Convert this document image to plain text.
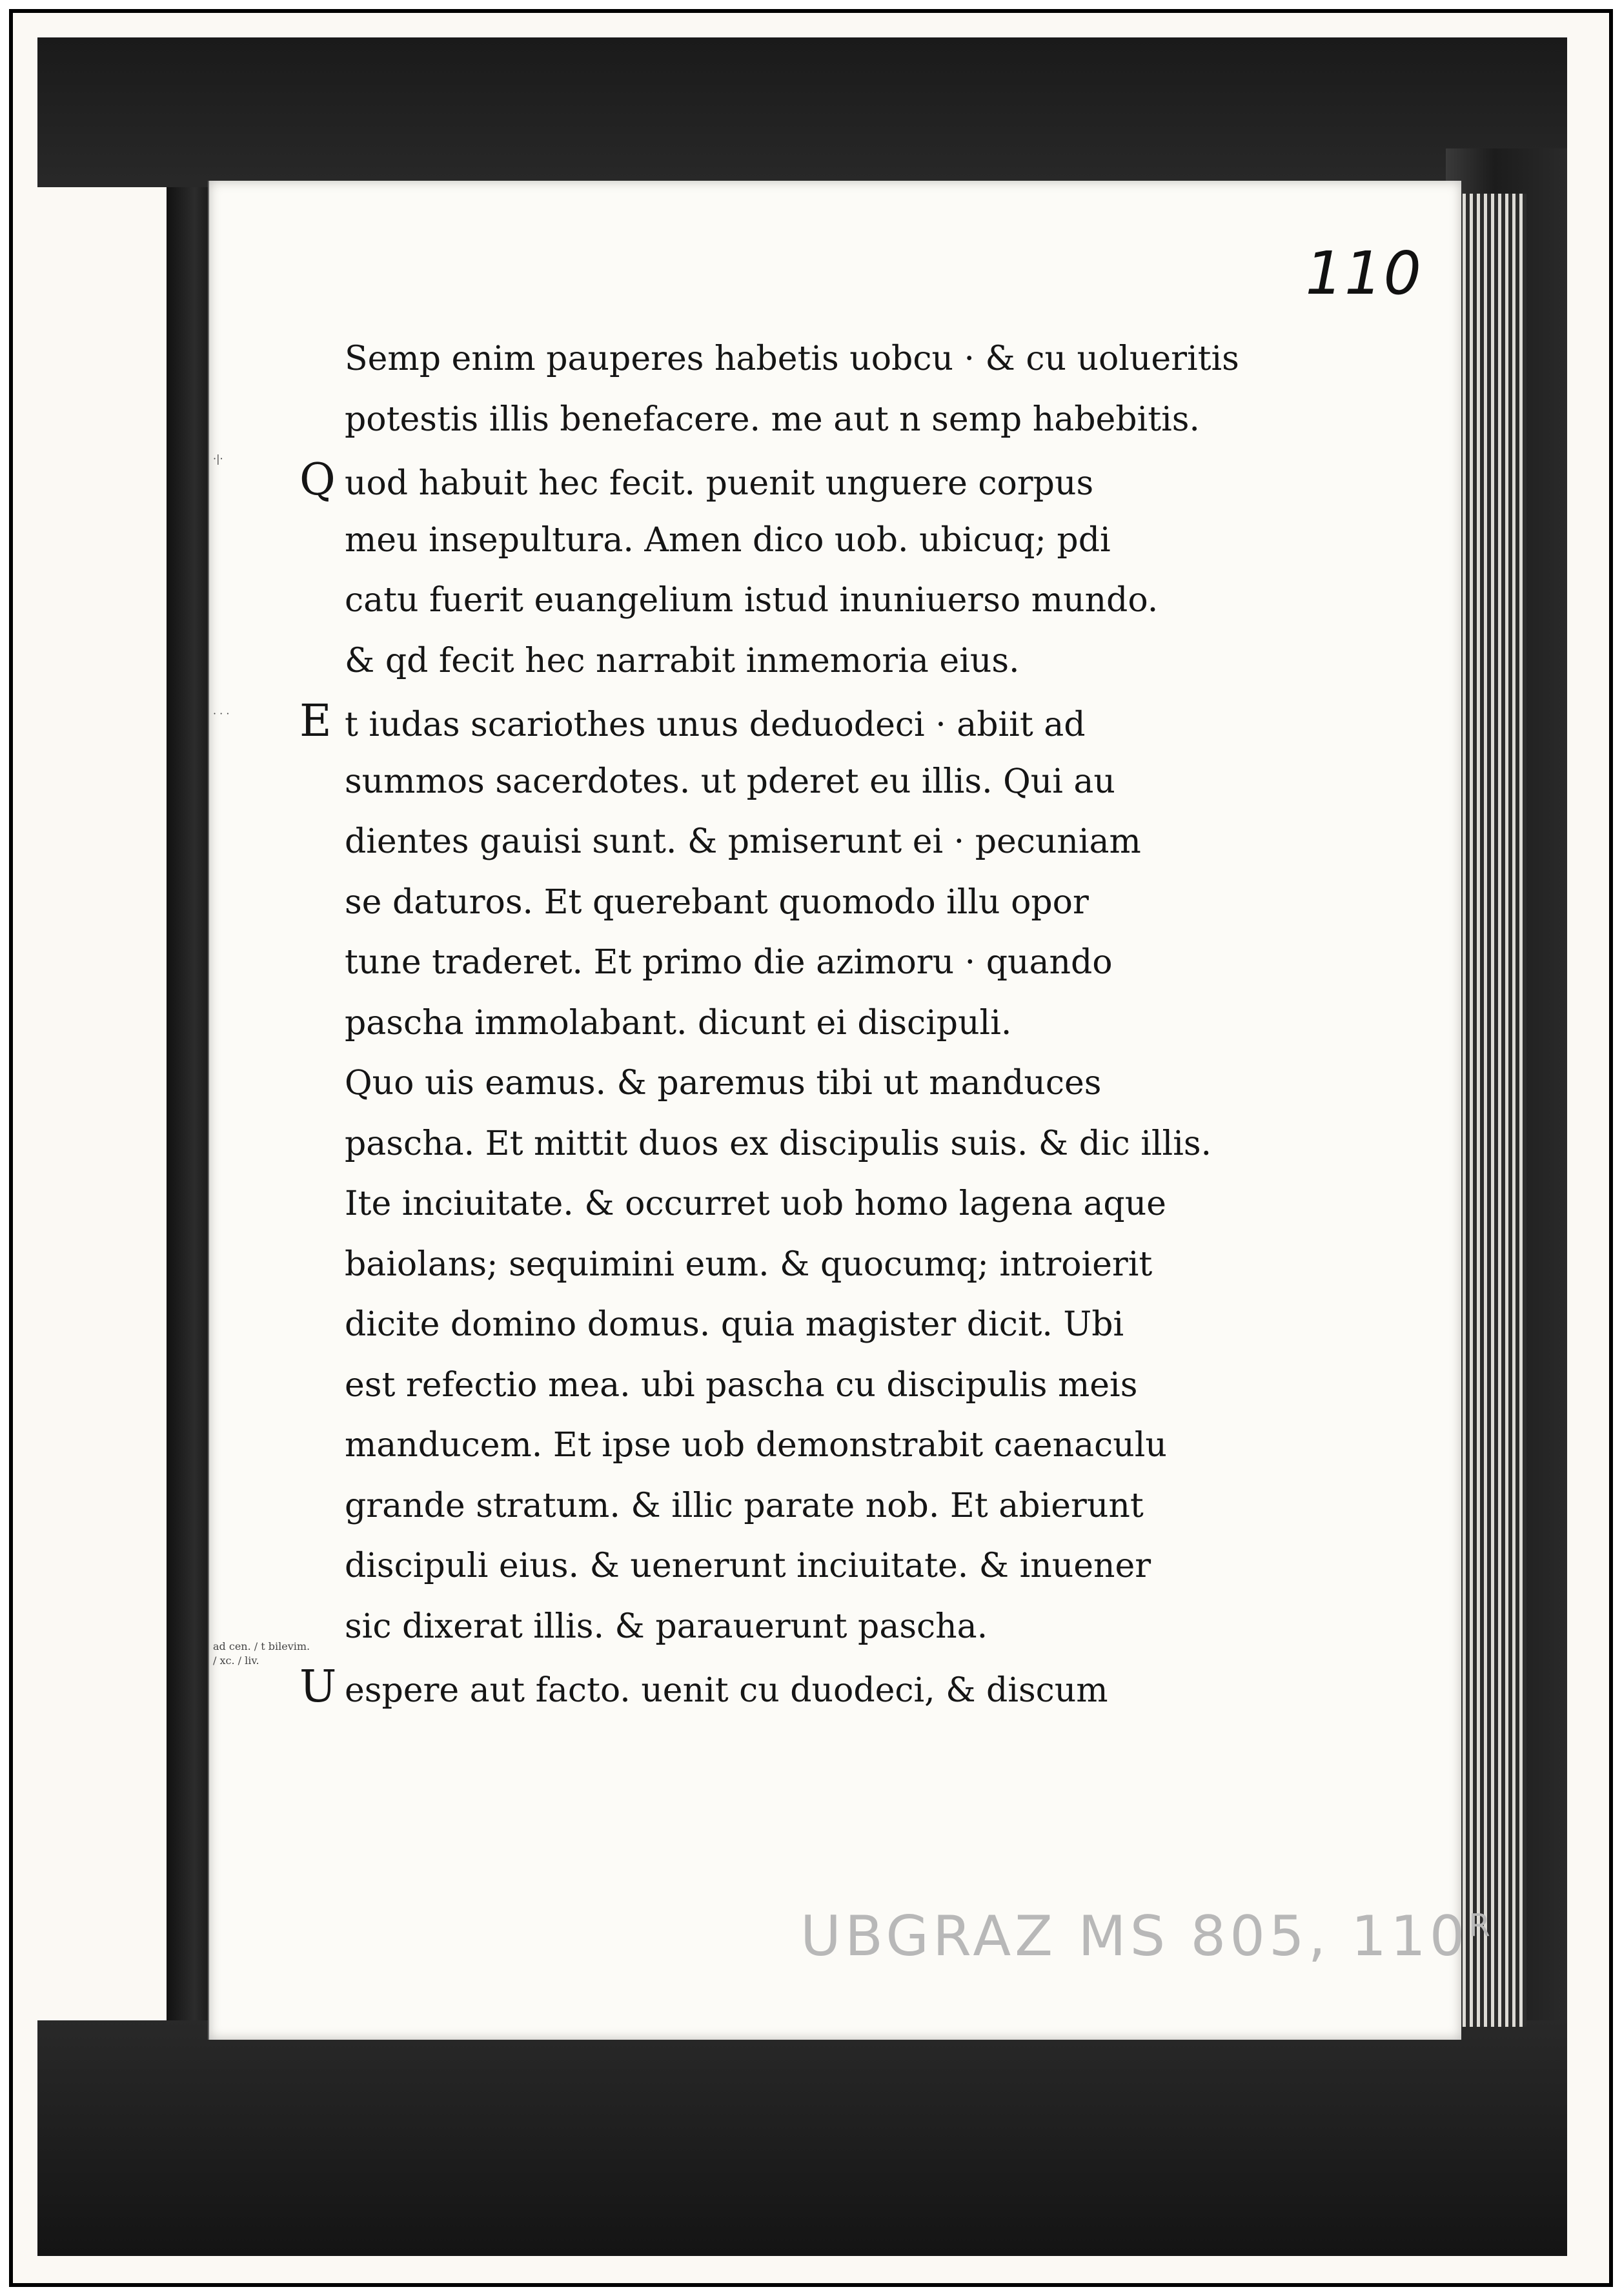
110
Semp enim pauperes habetis uobcu · & cu uolueritis
potestis illis benefacere. me aut n semp habebitis.
Q uod habuit hec fecit. puenit unguere corpus
meu insepultura. Amen dico uob. ubicuq; pdi
catu fuerit euangelium istud inuniuerso mundo.
& qd fecit hec narrabit inmemoria eius.
E t iudas scariothes unus deduodeci · abiit ad
summos sacerdotes. ut pderet eu illis. Qui au
dientes gauisi sunt. & pmiserunt ei · pecuniam
se daturos. Et querebant quomodo illu opor
tune traderet. Et primo die azimoru · quando
pascha immolabant. dicunt ei discipuli.
Quo uis eamus. & paremus tibi ut manduces
pascha. Et mittit duos ex discipulis suis. & dic illis.
Ite inciuitate. & occurret uob homo lagena aque
baiolans; sequimini eum. & quocumq; introierit
dicite domino domus. quia magister dicit. Ubi
est refectio mea. ubi pascha cu discipulis meis
manducem. Et ipse uob demonstrabit caenaculu
grande stratum. & illic parate nob. Et abierunt
discipuli eius. & uenerunt inciuitate. & inuener
sic dixerat illis. & parauerunt pascha.
U espere aut facto. uenit cu duodeci, & discum
·|·
· · ·
ad cen. / t bilevim. / xc. / liv.
UBGRAZ MS 805, $110^R$
